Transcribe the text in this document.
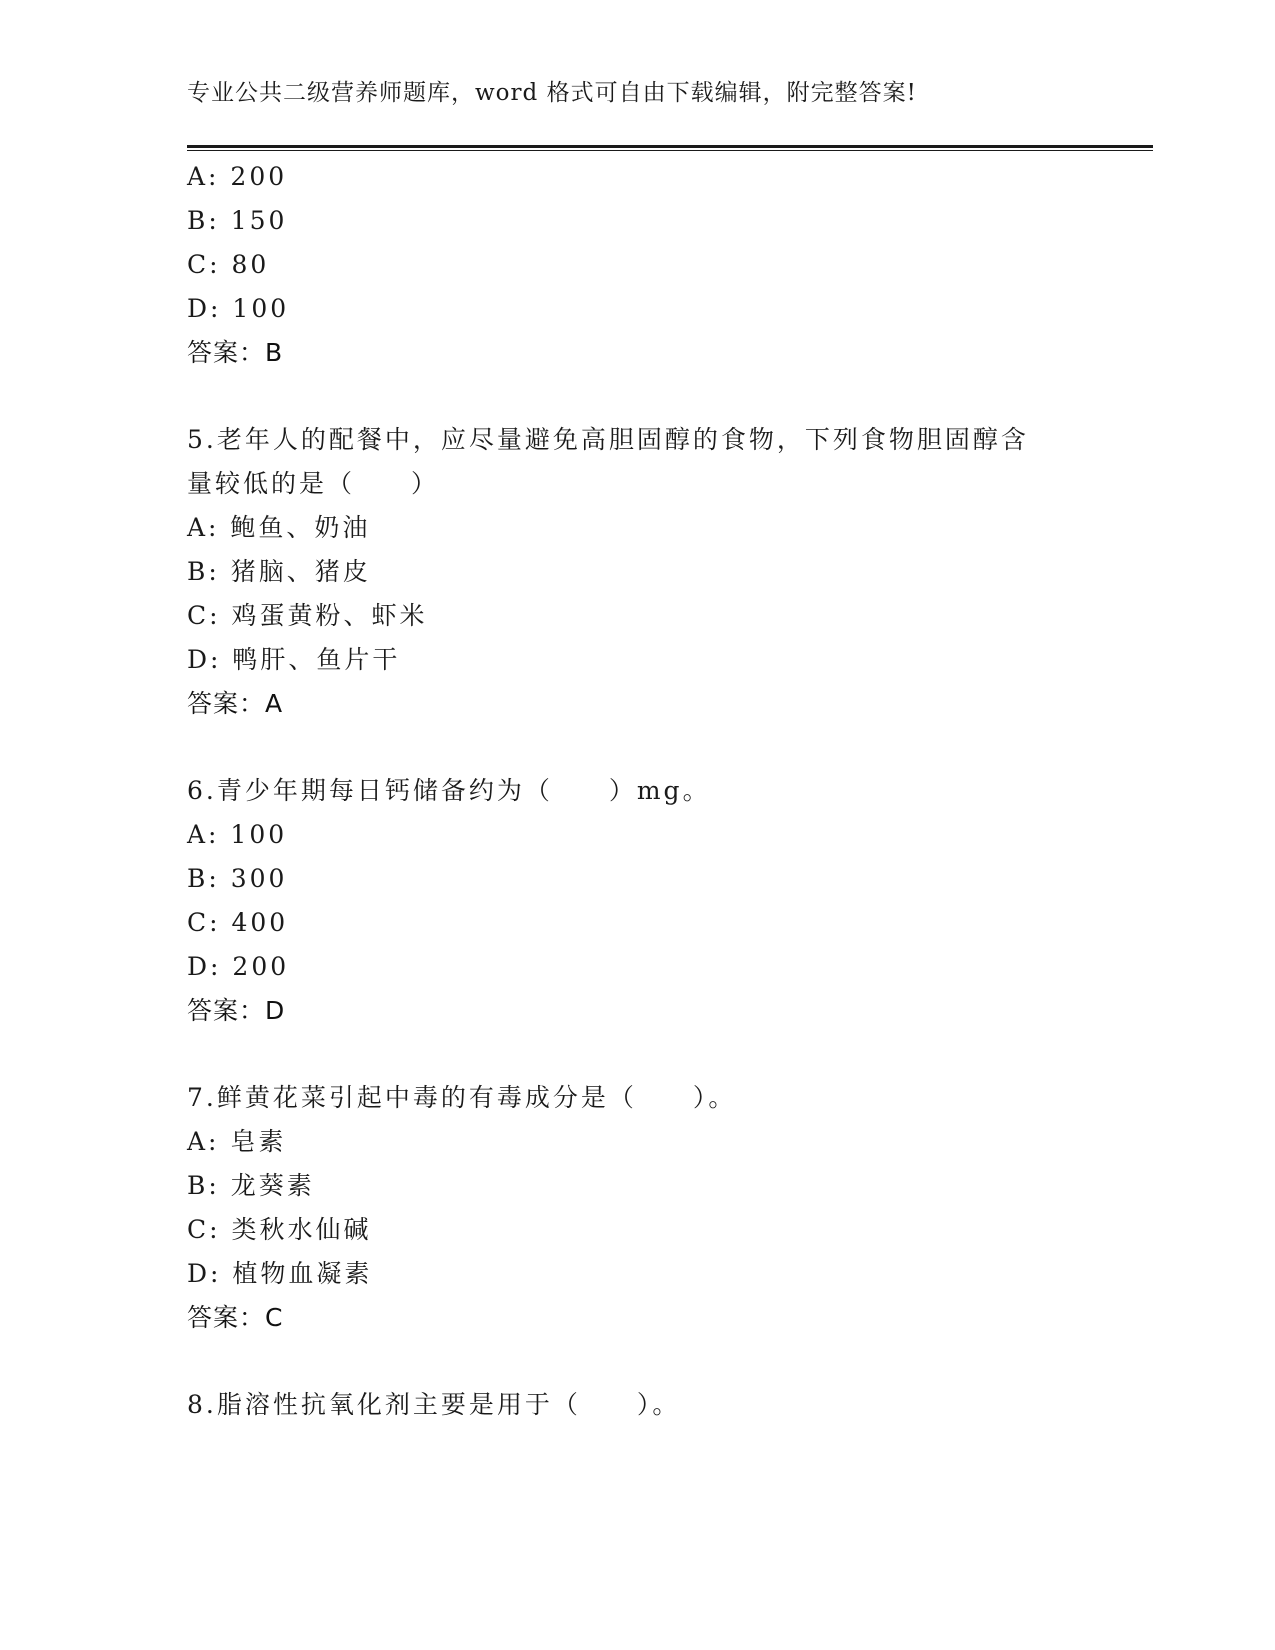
专业公共二级营养师题库，word 格式可自由下载编辑，附完整答案!
A: 200
B: 150
C: 80
D: 100
答案：B
5.老年人的配餐中，应尽量避免高胆固醇的食物，下列食物胆固醇含
量较低的是（　　）
A: 鲍鱼、奶油
B: 猪脑、猪皮
C: 鸡蛋黄粉、虾米
D: 鸭肝、鱼片干
答案：A
6.青少年期每日钙储备约为（　　）mg。
A: 100
B: 300
C: 400
D: 200
答案：D
7.鲜黄花菜引起中毒的有毒成分是（　　）。
A: 皂素
B: 龙葵素
C: 类秋水仙碱
D: 植物血凝素
答案：C
8.脂溶性抗氧化剂主要是用于（　　）。
